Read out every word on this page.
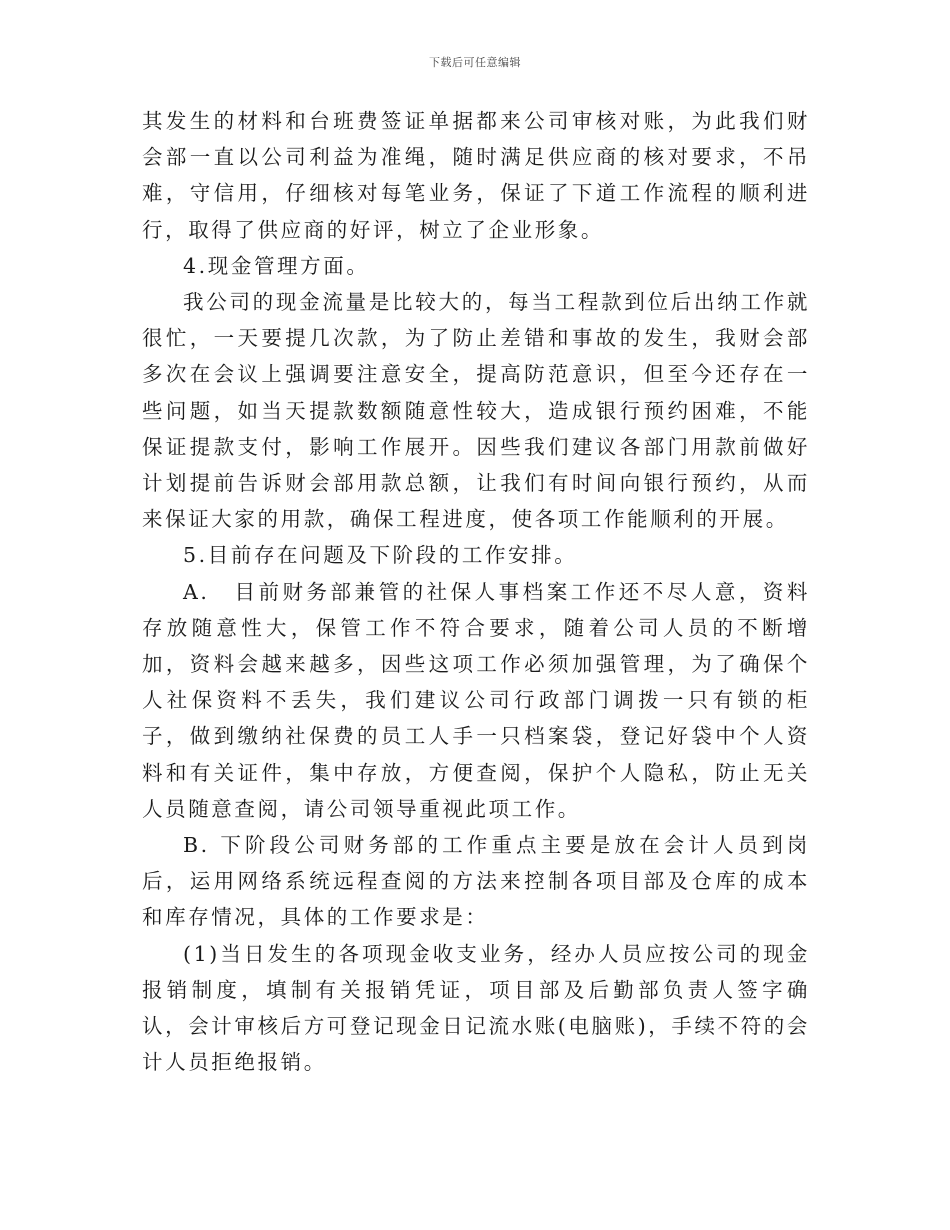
下载后可任意编辑

其发生的材料和台班费签证单据都来公司审核对账，为此我们财会部一直以公司利益为准绳，随时满足供应商的核对要求，不吊难，守信用，仔细核对每笔业务，保证了下道工作流程的顺利进行，取得了供应商的好评，树立了企业形象。

4.现金管理方面。

我公司的现金流量是比较大的，每当工程款到位后出纳工作就很忙，一天要提几次款，为了防止差错和事故的发生，我财会部多次在会议上强调要注意安全，提高防范意识，但至今还存在一些问题，如当天提款数额随意性较大，造成银行预约困难，不能保证提款支付，影响工作展开。因些我们建议各部门用款前做好计划提前告诉财会部用款总额，让我们有时间向银行预约，从而来保证大家的用款，确保工程进度，使各项工作能顺利的开展。

5.目前存在问题及下阶段的工作安排。

A.　目前财务部兼管的社保人事档案工作还不尽人意，资料存放随意性大，保管工作不符合要求，随着公司人员的不断增加，资料会越来越多，因些这项工作必须加强管理，为了确保个人社保资料不丢失，我们建议公司行政部门调拨一只有锁的柜子，做到缴纳社保费的员工人手一只档案袋，登记好袋中个人资料和有关证件，集中存放，方便查阅，保护个人隐私，防止无关人员随意查阅，请公司领导重视此项工作。

B. 下阶段公司财务部的工作重点主要是放在会计人员到岗后，运用网络系统远程查阅的方法来控制各项目部及仓库的成本和库存情况，具体的工作要求是：

(1)当日发生的各项现金收支业务，经办人员应按公司的现金报销制度，填制有关报销凭证，项目部及后勤部负责人签字确认，会计审核后方可登记现金日记流水账(电脑账)，手续不符的会计人员拒绝报销。
